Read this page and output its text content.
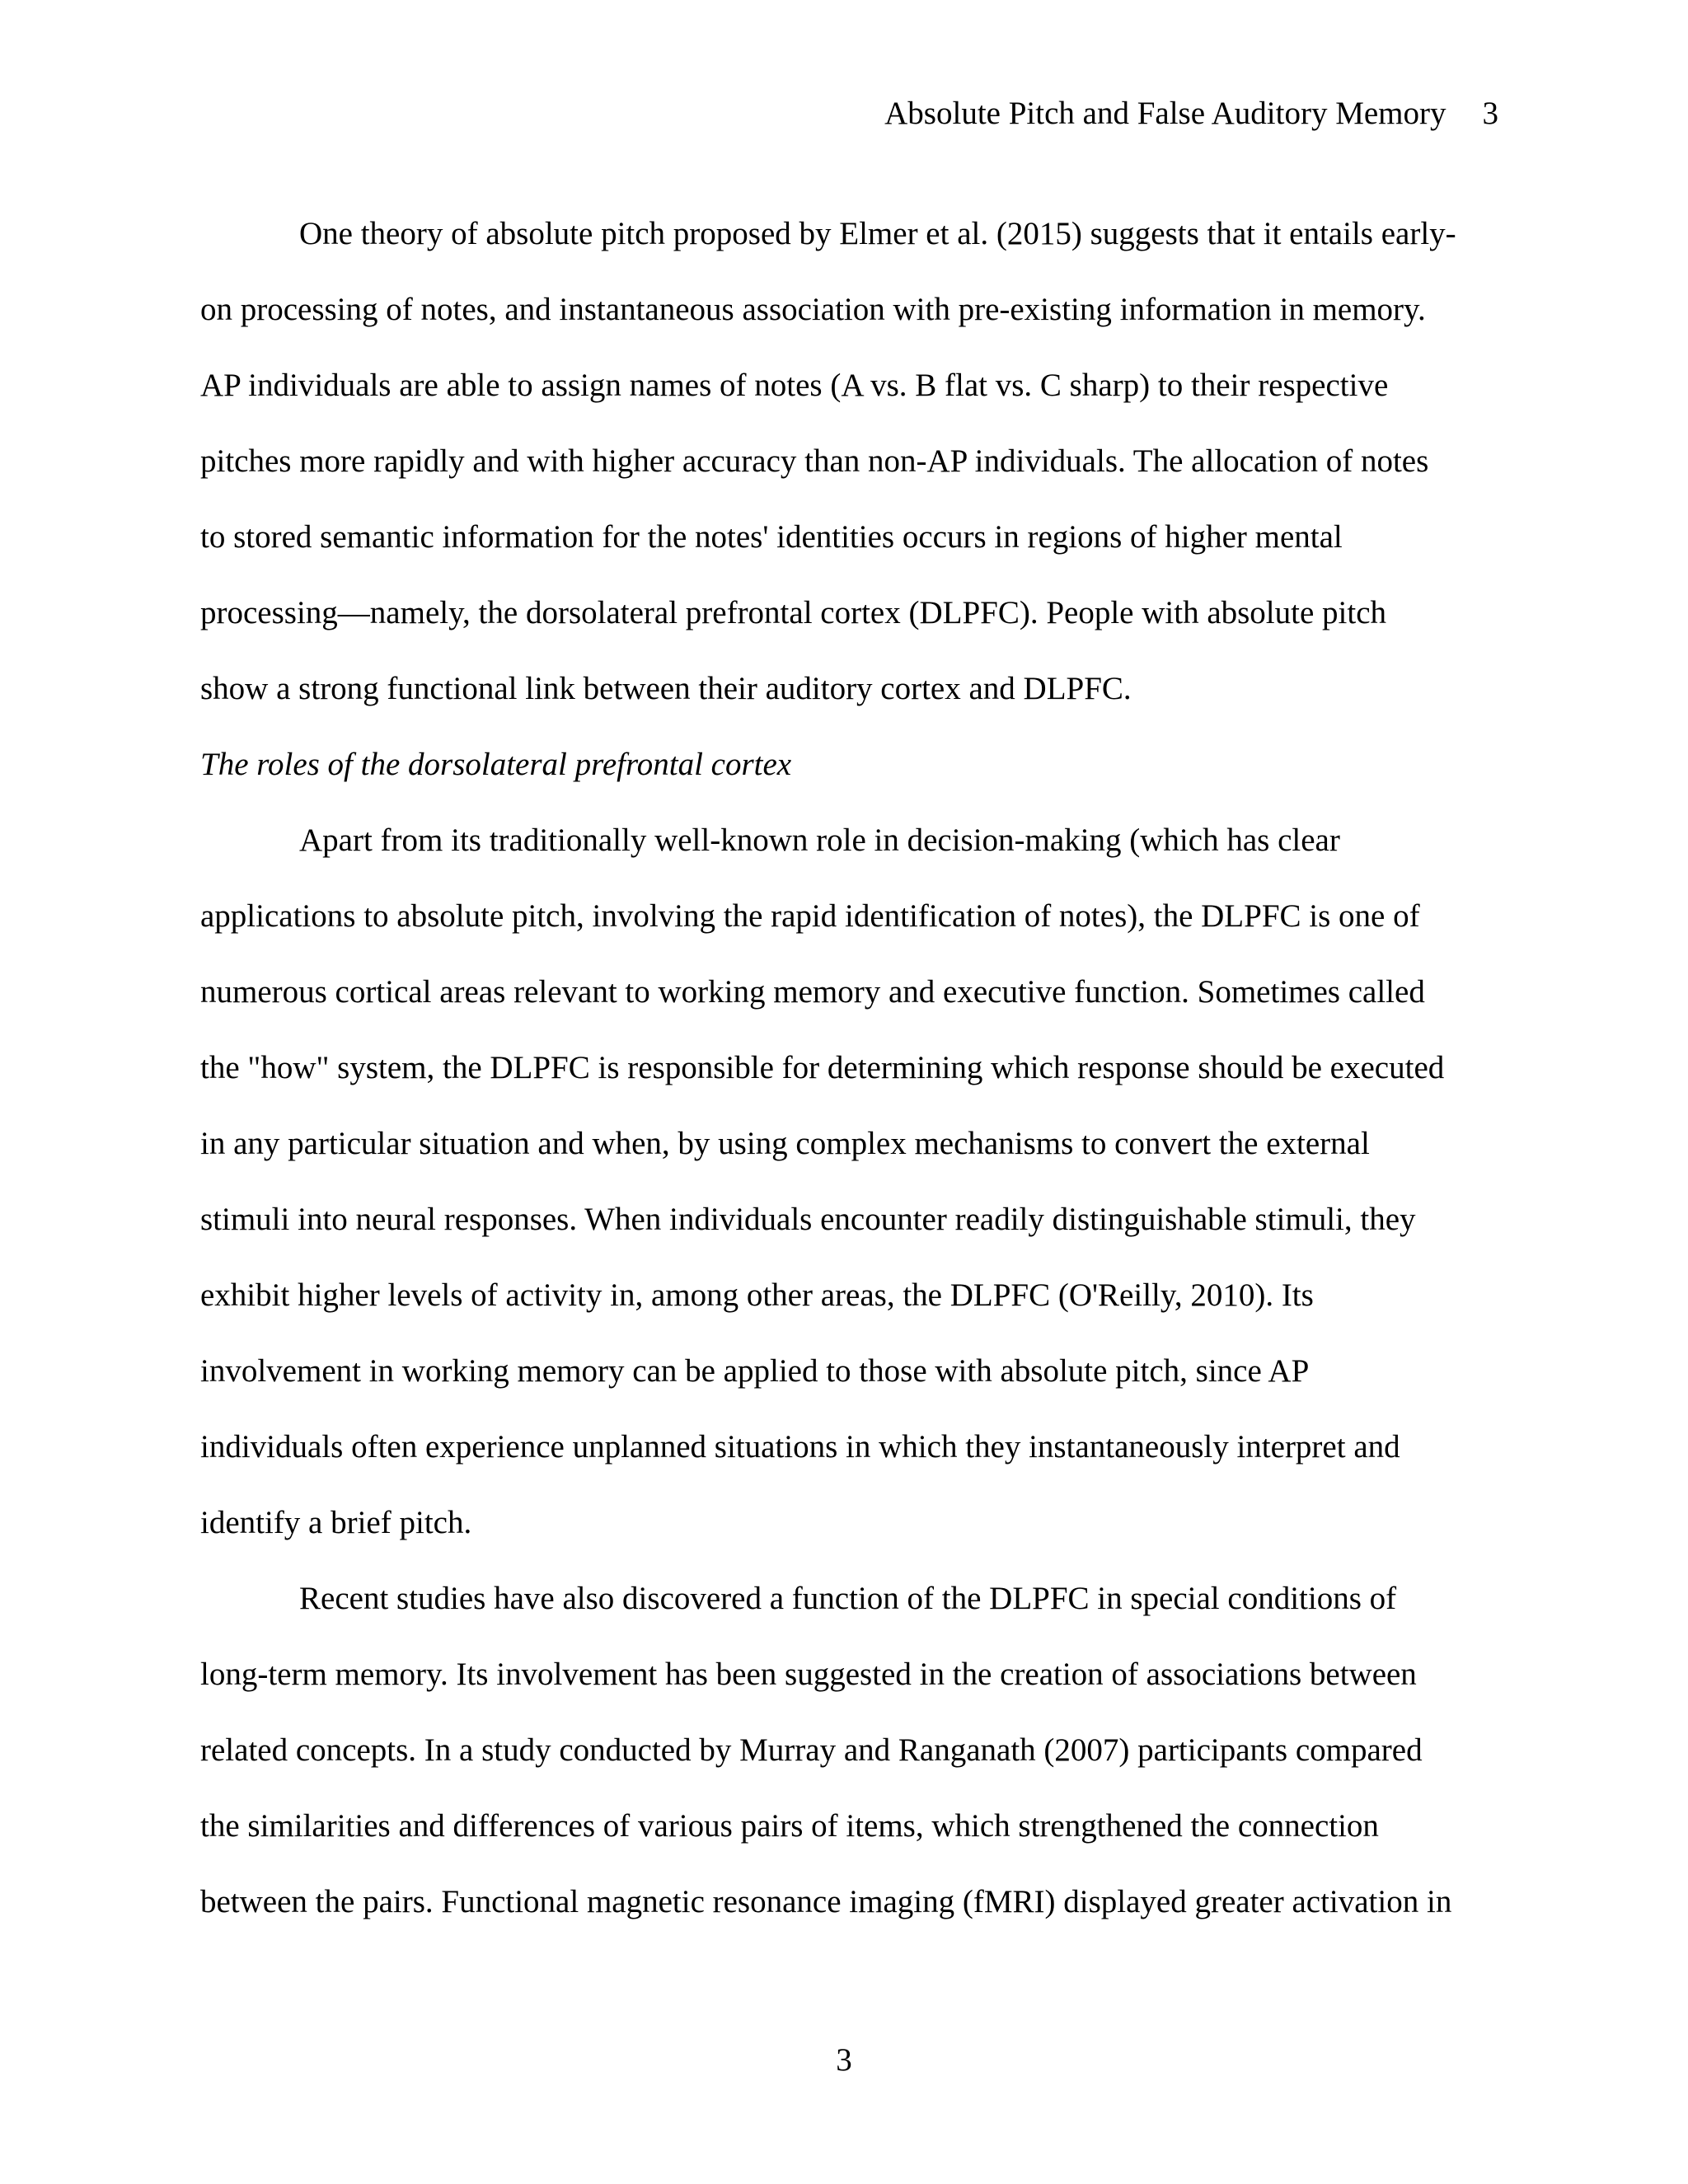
Absolute Pitch and False Auditory Memory 3
One theory of absolute pitch proposed by Elmer et al. (2015) suggests that it entails early-
on processing of notes, and instantaneous association with pre-existing information in memory.
AP individuals are able to assign names of notes (A vs. B flat vs. C sharp) to their respective
pitches more rapidly and with higher accuracy than non-AP individuals. The allocation of notes
to stored semantic information for the notes' identities occurs in regions of higher mental
processing—namely, the dorsolateral prefrontal cortex (DLPFC). People with absolute pitch
show a strong functional link between their auditory cortex and DLPFC.
The roles of the dorsolateral prefrontal cortex
Apart from its traditionally well-known role in decision-making (which has clear
applications to absolute pitch, involving the rapid identification of notes), the DLPFC is one of
numerous cortical areas relevant to working memory and executive function. Sometimes called
the "how" system, the DLPFC is responsible for determining which response should be executed
in any particular situation and when, by using complex mechanisms to convert the external
stimuli into neural responses. When individuals encounter readily distinguishable stimuli, they
exhibit higher levels of activity in, among other areas, the DLPFC (O'Reilly, 2010). Its
involvement in working memory can be applied to those with absolute pitch, since AP
individuals often experience unplanned situations in which they instantaneously interpret and
identify a brief pitch.
Recent studies have also discovered a function of the DLPFC in special conditions of
long-term memory. Its involvement has been suggested in the creation of associations between
related concepts. In a study conducted by Murray and Ranganath (2007) participants compared
the similarities and differences of various pairs of items, which strengthened the connection
between the pairs. Functional magnetic resonance imaging (fMRI) displayed greater activation in
3
